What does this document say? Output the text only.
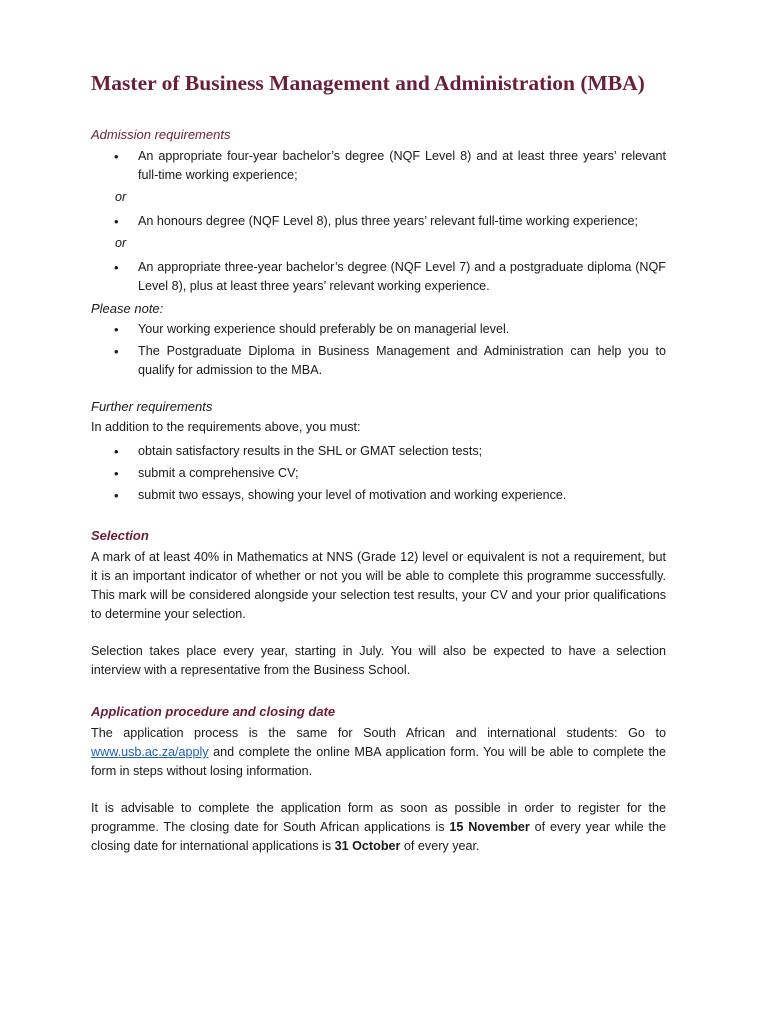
Master of Business Management and Administration (MBA)
Admission requirements
• An appropriate four-year bachelor’s degree (NQF Level 8) and at least three years’ relevant full-time working experience;
or
• An honours degree (NQF Level 8), plus three years’ relevant full-time working experience;
or
• An appropriate three-year bachelor’s degree (NQF Level 7) and a postgraduate diploma (NQF Level 8), plus at least three years’ relevant working experience.
Please note:
• Your working experience should preferably be on managerial level.
• The Postgraduate Diploma in Business Management and Administration can help you to qualify for admission to the MBA.
Further requirements

In addition to the requirements above, you must:

• obtain satisfactory results in the SHL or GMAT selection tests;
• submit a comprehensive CV;
• submit two essays, showing your level of motivation and working experience.
Selection

A mark of at least 40% in Mathematics at NNS (Grade 12) level or equivalent is not a requirement, but it is an important indicator of whether or not you will be able to complete this programme successfully. This mark will be considered alongside your selection test results, your CV and your prior qualifications to determine your selection.

Selection takes place every year, starting in July. You will also be expected to have a selection interview with a representative from the Business School.

Application procedure and closing date

The application process is the same for South African and international students: Go to www.usb.ac.za/apply and complete the online MBA application form. You will be able to complete the form in steps without losing information.

It is advisable to complete the application form as soon as possible in order to register for the programme. The closing date for South African applications is 15 November of every year while the closing date for international applications is 31 October of every year.
